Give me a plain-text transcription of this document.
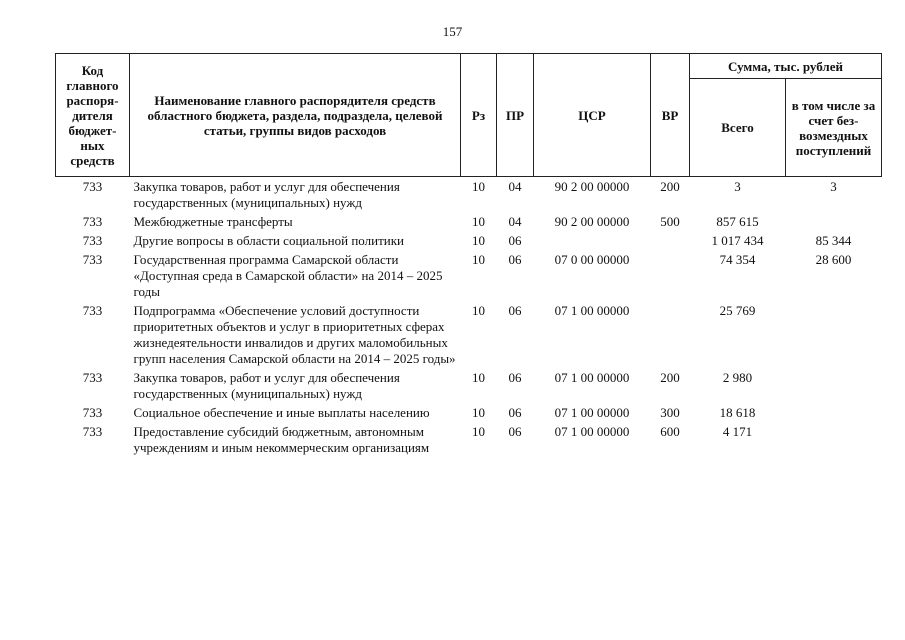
157
Код главного распоря-дителя бюджет-ных средств	Наименование главного распорядителя средств областного бюджета, раздела, подраздела, целевой статьи, группы видов расходов	Рз	ПР	ЦСР	ВР	Сумма, тыс. рублей	
						Всего	в том числе за счет без-возмездных поступлений
733	Закупка товаров, работ и услуг для обеспечения государственных (муниципальных) нужд	10	04	90 2 00 00000	200	3	3
733	Межбюджетные трансферты	10	04	90 2 00 00000	500	857 615	
733	Другие вопросы в области социальной политики	10	06			1 017 434	85 344
733	Государственная программа Самарской области «Доступная среда в Самарской области» на 2014 – 2025 годы	10	06	07 0 00 00000		74 354	28 600
733	Подпрограмма «Обеспечение условий доступности приоритетных объектов и услуг в приоритетных сферах жизнедеятельности инвалидов и других маломобильных групп населения Самарской области на 2014 – 2025 годы»	10	06	07 1 00 00000		25 769	
733	Закупка товаров, работ и услуг для обеспечения государственных (муниципальных) нужд	10	06	07 1 00 00000	200	2 980	
733	Социальное обеспечение и иные выплаты населению	10	06	07 1 00 00000	300	18 618	
733	Предоставление субсидий бюджетным, автономным учреждениям и иным некоммерческим организациям	10	06	07 1 00 00000	600	4 171	
